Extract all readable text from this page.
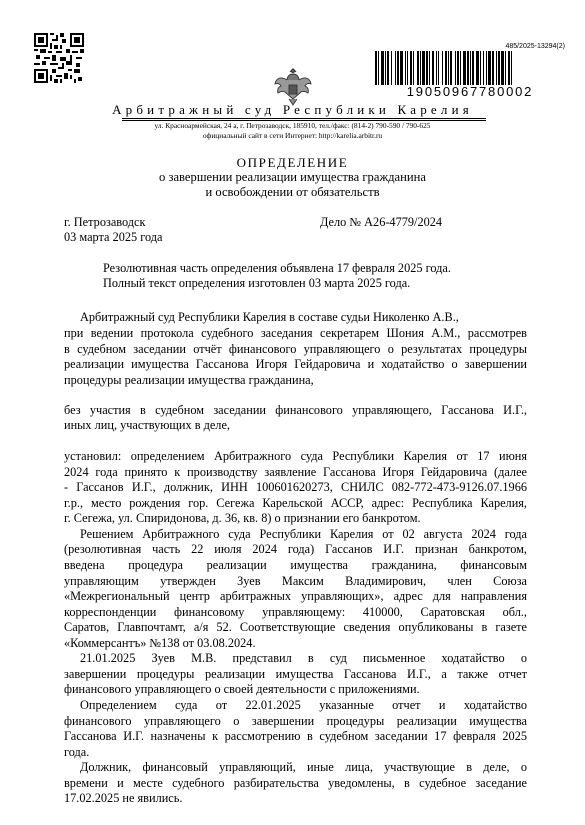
485/2025-13294(2)
19050967780002
Арбитражный суд Республики Карелия
ул. Красноармейская, 24 а, г. Петрозаводск, 185910, тел./факс: (814-2) 790-590 / 790-625
официальный сайт в сети Интернет: http://karelia.arbitr.ru
ОПРЕДЕЛЕНИЕ
о завершении реализации имущества гражданина
и освобождении от обязательств
г. Петрозаводск
03 марта 2025 года
Дело № А26-4779/2024
Резолютивная часть определения объявлена 17 февраля 2025 года.
Полный текст определения изготовлен 03 марта 2025 года.
Арбитражный суд Республики Карелия в составе судьи Николенко А.В.,
при ведении протокола судебного заседания секретарем Шония А.М., рассмотрев
в судебном заседании отчёт финансового управляющего о результатах процедуры
реализации имущества Гассанова Игоря Гейдаровича и ходатайство о завершении
процедуры реализации имущества гражданина,
без участия в судебном заседании финансового управляющего, Гассанова И.Г.,
иных лиц, участвующих в деле,
установил: определением Арбитражного суда Республики Карелия от 17 июня
2024 года принято к производству заявление Гассанова Игоря Гейдаровича (далее
- Гассанов И.Г., должник, ИНН 100601620273, СНИЛС 082-772-473-9126.07.1966
г.р., место рождения гор. Сегежа Карельской АССР, адрес: Республика Карелия,
г. Сегежа, ул. Спиридонова, д. 36, кв. 8) о признании его банкротом.
Решением Арбитражного суда Республики Карелия от 02 августа 2024 года
(резолютивная часть 22 июля 2024 года) Гассанов И.Г. признан банкротом,
введена процедура реализации имущества гражданина, финансовым
управляющим утвержден Зуев Максим Владимирович, член Союза
«Межрегиональный центр арбитражных управляющих», адрес для направления
корреспонденции финансовому управляющему: 410000, Саратовская обл.,
Саратов, Главпочтамт, а/я 52. Соответствующие сведения опубликованы в газете
«Коммерсантъ» №138 от 03.08.2024.
21.01.2025 Зуев М.В. представил в суд письменное ходатайство о
завершении процедуры реализации имущества Гассанова И.Г., а также отчет
финансового управляющего о своей деятельности с приложениями.
Определением суда от 22.01.2025 указанные отчет и ходатайство
финансового управляющего о завершении процедуры реализации имущества
Гассанова И.Г. назначены к рассмотрению в судебном заседании 17 февраля 2025
года.
Должник, финансовый управляющий, иные лица, участвующие в деле, о
времени и месте судебного разбирательства уведомлены, в судебное заседание
17.02.2025 не явились.
